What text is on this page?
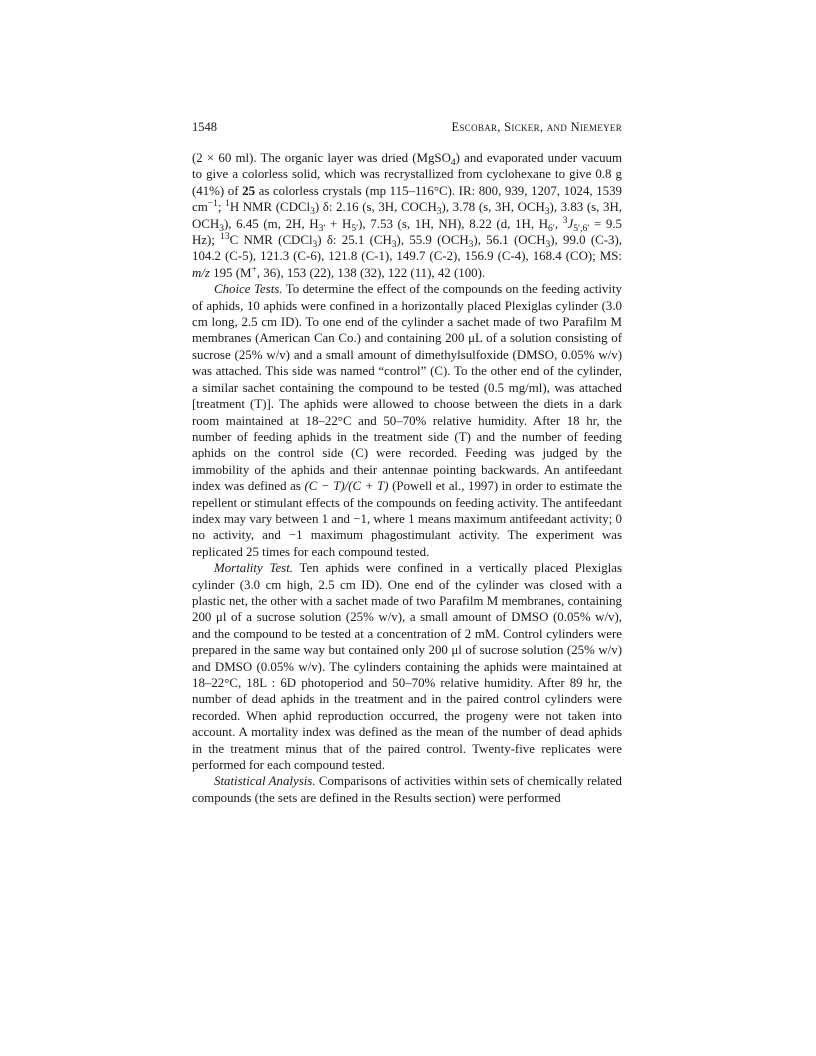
1548	Escobar, Sicker, and Niemeyer

(2 × 60 ml). The organic layer was dried (MgSO$_4$) and evaporated under vacuum to give a colorless solid, which was recrystallized from cyclohexane to give 0.8 g (41%) of 25 as colorless crystals (mp 115–116°C). IR: 800, 939, 1207, 1024, 1539 $cm^{-1}$; $^1$H NMR (CDCl$_3$) δ: 2.16 (s, 3H, $COCH_3$), 3.78 (s, 3H, $OCH_3$), 3.83 (s, 3H, $OCH_3$), 6.45 (m, 2H, $H_{3'} + H_{5'}$), 7.53 (s, 1H, NH), 8.22 (d, 1H, $H_{6'}$, $^3J_{5',6'} = 9.5$ Hz); $^{13}$C NMR (CDCl$_3$) δ: 25.1 $(CH_3)$, 55.9 $(OCH_3)$, 56.1 $(OCH_3)$, 99.0 (C-3), 104.2 (C-5), 121.3 (C-6), 121.8 (C-1), 149.7 (C-2), 156.9 (C-4), 168.4 (CO); MS: m/z 195 (M+, 36), 153 (22), 138 (32), 122 (11), 42 (100).

Choice Tests. To determine the effect of the compounds on the feeding activity of aphids, 10 aphids were confined in a horizontally placed Plexiglas cylinder (3.0 cm long, 2.5 cm ID). To one end of the cylinder a sachet made of two Parafilm M membranes (American Can Co.) and containing 200 μL of a solution consisting of sucrose (25% w/v) and a small amount of dimethylsulfoxide (DMSO, 0.05% w/v) was attached. This side was named “control” (C). To the other end of the cylinder, a similar sachet containing the compound to be tested (0.5 mg/ml), was attached [treatment (T)]. The aphids were allowed to choose between the diets in a dark room maintained at 18–22°C and 50–70% relative humidity. After 18 hr, the number of feeding aphids in the treatment side (T) and the number of feeding aphids on the control side (C) were recorded. Feeding was judged by the immobility of the aphids and their antennae pointing backwards. An antifeedant index was defined as (C − T)/(C + T) (Powell et al., 1997) in order to estimate the repellent or stimulant effects of the compounds on feeding activity. The antifeedant index may vary between 1 and −1, where 1 means maximum antifeedant activity; 0 no activity, and −1 maximum phagostimulant activity. The experiment was replicated 25 times for each compound tested.

Mortality Test. Ten aphids were confined in a vertically placed Plexiglas cylinder (3.0 cm high, 2.5 cm ID). One end of the cylinder was closed with a plastic net, the other with a sachet made of two Parafilm M membranes, containing 200 μl of a sucrose solution (25% w/v), a small amount of DMSO (0.05% w/v), and the compound to be tested at a concentration of 2 mM. Control cylinders were prepared in the same way but contained only 200 μl of sucrose solution (25% w/v) and DMSO (0.05% w/v). The cylinders containing the aphids were maintained at 18–22°C, 18L : 6D photoperiod and 50–70% relative humidity. After 89 hr, the number of dead aphids in the treatment and in the paired control cylinders were recorded. When aphid reproduction occurred, the progeny were not taken into account. A mortality index was defined as the mean of the number of dead aphids in the treatment minus that of the paired control. Twenty-five replicates were performed for each compound tested.

Statistical Analysis. Comparisons of activities within sets of chemically related compounds (the sets are defined in the Results section) were performed
